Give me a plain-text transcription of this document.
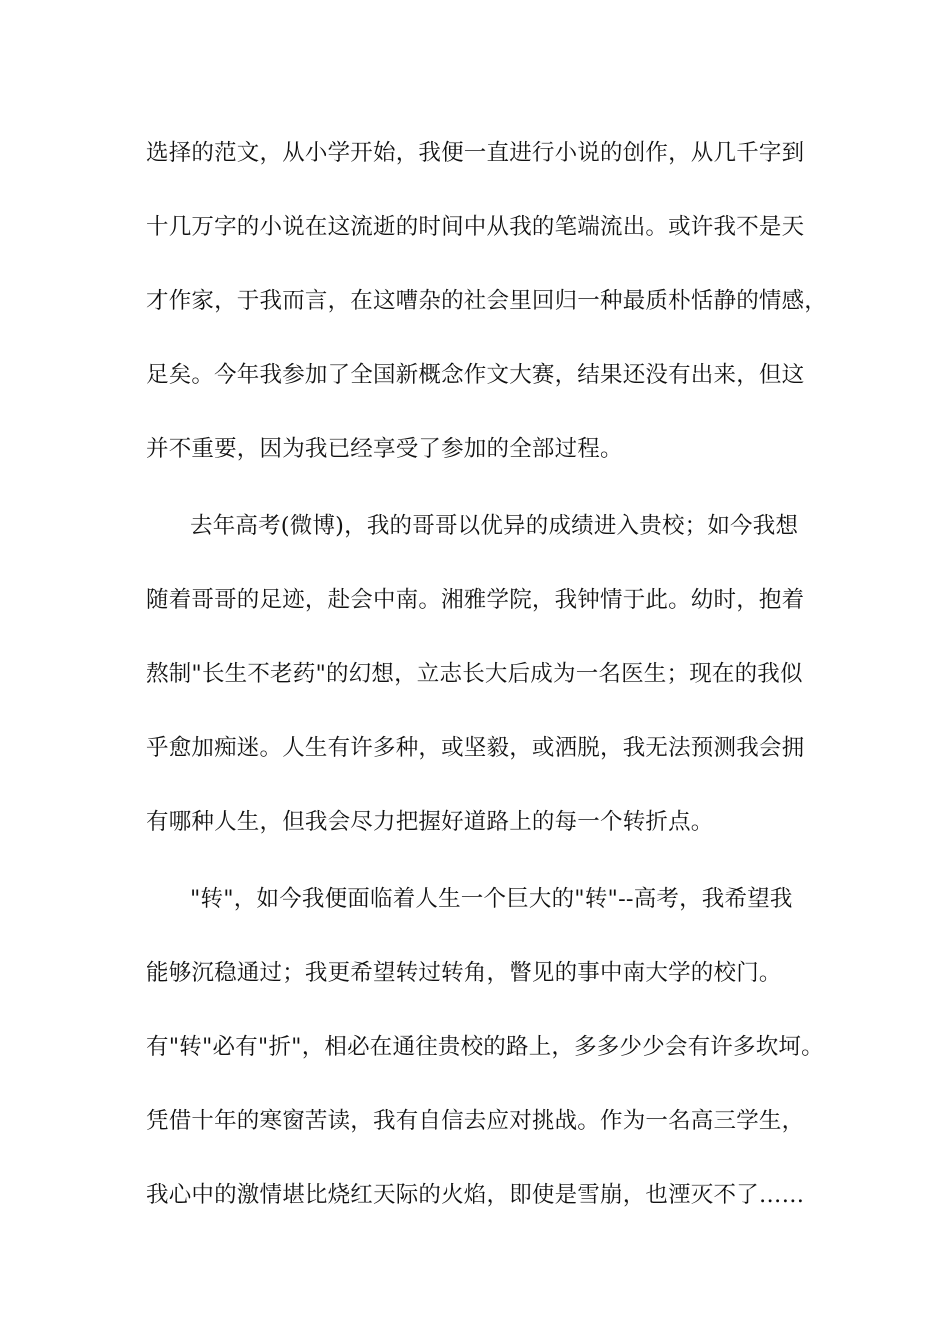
选择的范文，从小学开始，我便一直进行小说的创作，从几千字到
十几万字的小说在这流逝的时间中从我的笔端流出。或许我不是天
才作家，于我而言，在这嘈杂的社会里回归一种最质朴恬静的情感，
足矣。今年我参加了全国新概念作文大赛，结果还没有出来，但这
并不重要，因为我已经享受了参加的全部过程。
去年高考(微博)，我的哥哥以优异的成绩进入贵校；如今我想
随着哥哥的足迹，赴会中南。湘雅学院，我钟情于此。幼时，抱着
熬制"长生不老药"的幻想，立志长大后成为一名医生；现在的我似
乎愈加痴迷。人生有许多种，或坚毅，或洒脱，我无法预测我会拥
有哪种人生，但我会尽力把握好道路上的每一个转折点。
"转"，如今我便面临着人生一个巨大的"转"--高考，我希望我
能够沉稳通过；我更希望转过转角，瞥见的事中南大学的校门。
有"转"必有"折"，相必在通往贵校的路上，多多少少会有许多坎坷。
凭借十年的寒窗苦读，我有自信去应对挑战。作为一名高三学生，
我心中的激情堪比烧红天际的火焰，即使是雪崩，也湮灭不了……
